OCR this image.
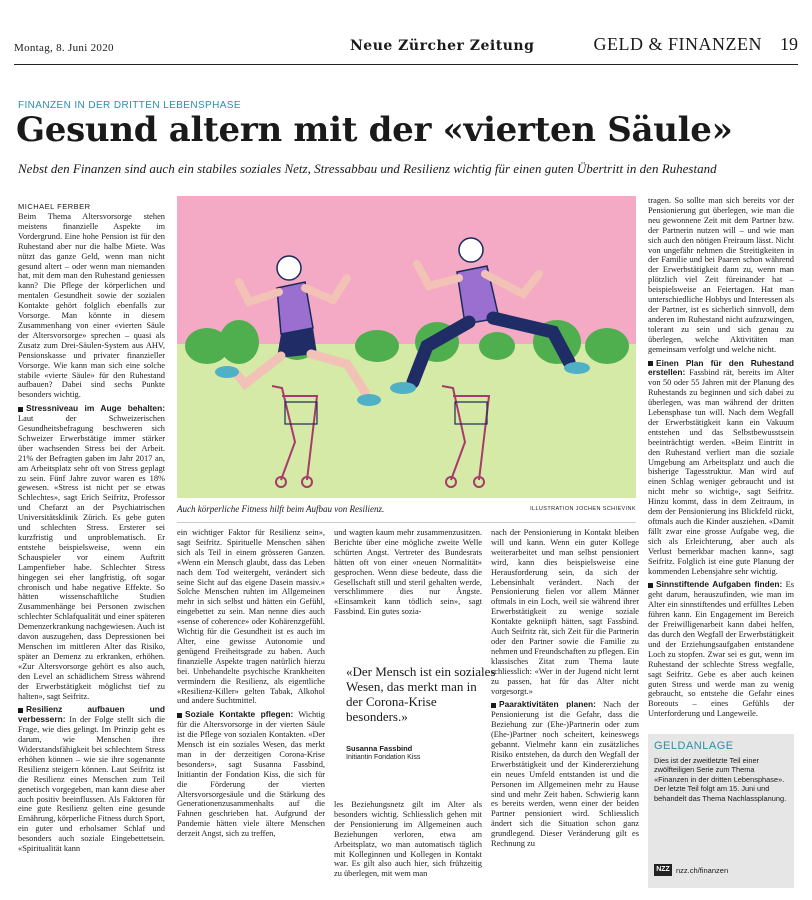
Montag, 8. Juni 2020	Neue Zürcher Zeitung	GELD & FINANZEN 19
FINANZEN IN DER DRITTEN LEBENSPHASE
Gesund altern mit der «vierten Säule»
Nebst den Finanzen sind auch ein stabiles soziales Netz, Stressabbau und Resilienz wichtig für einen guten Übertritt in den Ruhestand
MICHAEL FERBER

Beim Thema Altersvorsorge stehen meistens finanzielle Aspekte im Vordergrund. Eine hohe Pension ist für den Ruhestand aber nur die halbe Miete. Was nützt das ganze Geld, wenn man nicht gesund altert – oder wenn man niemanden hat, mit dem man den Ruhestand geniessen kann? Die Pflege der körperlichen und mentalen Gesundheit sowie der sozialen Kontakte gehört folglich ebenfalls zur Vorsorge. Man könnte in diesem Zusammenhang von einer «vierten Säule der Altersvorsorge» sprechen – quasi als Zusatz zum Drei-Säulen-System aus AHV, Pensionskasse und privater finanzieller Vorsorge. Wie kann man sich eine solche stabile «vierte Säule» für den Ruhestand aufbauen? Dabei sind sechs Punkte besonders wichtig.

Stressniveau im Auge behalten: Laut der Schweizerischen Gesundheitsbefragung beschweren sich Schweizer Erwerbstätige immer stärker über wachsenden Stress bei der Arbeit. 21% der Befragten gaben im Jahr 2017 an, am Arbeitsplatz sehr oft von Stress geplagt zu sein. Fünf Jahre zuvor waren es 18% gewesen. «Stress ist nicht per se etwas Schlechtes», sagt Erich Seifritz, Professor und Chefarzt an der Psychiatrischen Universitätsklinik Zürich. Es gebe guten und schlechten Stress. Ersterer sei kurzfristig und unproblematisch. Er entstehe beispielsweise, wenn ein Schauspieler vor einem Auftritt Lampenfieber habe. Schlechter Stress hingegen sei eher langfristig, oft sogar chronisch und habe negative Effekte. So hätten wissenschaftliche Studien Zusammenhänge bei Personen zwischen schlechter Schlafqualität und einer späteren Demenzerkrankung nachgewiesen. Auch ist davon auszugehen, dass Depressionen bei Menschen im mittleren Alter das Risiko, später an Demenz zu erkranken, erhöhen. «Zur Altersvorsorge gehört es also auch, den Level an schädlichem Stress während der Erwerbstätigkeit möglichst tief zu halten», sagt Seifritz.

Resilienz aufbauen und verbessern: In der Folge stellt sich die Frage, wie dies gelingt. Im Prinzip geht es darum, wie Menschen ihre Widerstandsfähigkeit bei schlechtem Stress erhöhen können – wie sie ihre sogenannte Resilienz steigern können. Laut Seifritz ist die Resilienz eines Menschen zum Teil genetisch vorgegeben, man kann diese aber auch positiv beeinflussen. Als Faktoren für eine gute Resilienz gelten eine gesunde Ernährung, körperliche Fitness durch Sport, ein guter und erholsamer Schlaf und besonders auch soziale Eingebettetsein. «Spiritualität kann

Auch körperliche Fitness hilft beim Aufbau von Resilienz.	ILLUSTRATION JOCHEN SCHIEVINK

ein wichtiger Faktor für Resilienz sein», sagt Seifritz. Spirituelle Menschen sähen sich als Teil in einem grösseren Ganzen. «Wenn ein Mensch glaubt, dass das Leben nach dem Tod weitergeht, verändert sich seine Sicht auf das eigene Dasein massiv.» Solche Menschen ruhten im Allgemeinen mehr in sich selbst und hätten ein Gefühl, eingebettet zu sein. Man nenne dies auch «sense of coherence» oder Kohärenzgefühl. Wichtig für die Gesundheit ist es auch im Alter, eine gewisse Autonomie und genügend Freiheitsgrade zu haben. Auch finanzielle Aspekte tragen natürlich hierzu bei. Unbehandelte psychische Krankheiten vermindern die Resilienz, als eigentliche «Resilienz-Killer» gelten Tabak, Alkohol und andere Suchtmittel.

Soziale Kontakte pflegen: Wichtig für die Altersvorsorge in der vierten Säule ist die Pflege von sozialen Kontakten. «Der Mensch ist ein soziales Wesen, das merkt man in der derzeitigen Corona-Krise besonders», sagt Susanna Fassbind, Initiantin der Fondation Kiss, die sich für die Förderung der vierten Altersvorsorgesäule und die Stärkung des Generationenzusammenhalts auf die Fahnen geschrieben hat. Aufgrund der Pandemie hätten viele ältere Menschen derzeit Angst, sich zu treffen,

und wagten kaum mehr zusammenzusitzen. Berichte über eine mögliche zweite Welle schürten Angst. Vertreter des Bundesrats hätten oft von einer «neuen Normalität» gesprochen. Wenn diese bedeute, dass die Gesellschaft still und steril gehalten werde, verschlimmere dies nur Ängste. «Einsamkeit kann tödlich sein», sagt Fassbind. Ein gutes sozia-

«Der Mensch ist ein soziales Wesen, das merkt man in der Corona-Krise besonders.»
Susanna Fassbind
Initiantin Fondation Kiss

les Beziehungsnetz gilt im Alter als besonders wichtig. Schliesslich gehen mit der Pensionierung im Allgemeinen auch Beziehungen verloren, etwa am Arbeitsplatz, wo man automatisch täglich mit Kolleginnen und Kollegen in Kontakt war. Es gilt also auch hier, sich frühzeitig zu überlegen, mit wem man

nach der Pensionierung in Kontakt bleiben will und kann. Wenn ein guter Kollege weiterarbeitet und man selbst pensioniert wird, kann dies beispielsweise eine Herausforderung sein, da sich der Lebensinhalt verändert. Nach der Pensionierung fielen vor allem Männer oftmals in ein Loch, weil sie während ihrer Erwerbstätigkeit zu wenige soziale Kontakte gekniipft hätten, sagt Fassbind. Auch Seifritz rät, sich Zeit für die Partnerin oder den Partner sowie die Familie zu nehmen und Freundschaften zu pflegen. Ein klassisches Zitat zum Thema laute schliesslich: «Wer in der Jugend nicht lernt zu passen, hat für das Alter nicht vorgesorgt.»

Paaraktivitäten planen: Nach der Pensionierung ist die Gefahr, dass die Beziehung zur (Ehe-)Partnerin oder zum (Ehe-)Partner noch scheitert, keineswegs gebannt. Vielmehr kann ein zusätzliches Risiko entstehen, da durch den Wegfall der Erwerbstätigkeit und der Kindererziehung ein neues Umfeld entstanden ist und die Personen im Allgemeinen mehr zu Hause sind und mehr Zeit haben. Schwierig kann es bereits werden, wenn einer der beiden Partner pensioniert wird. Schliesslich ändert sich die Situation schon ganz grundlegend. Dieser Veränderung gilt es Rechnung zu

tragen. So sollte man sich bereits vor der Pensionierung gut überlegen, wie man die neu gewonnene Zeit mit dem Partner bzw. der Partnerin nutzen will – und wie man sich auch den nötigen Freiraum lässt. Nicht von ungefähr nehmen die Streitigkeiten in der Familie und bei Paaren schon während der Erwerbstätigkeit dann zu, wenn man plötzlich viel Zeit füreinander hat – beispielsweise an Feiertagen. Hat man unterschiedliche Hobbys und Interessen als der Partner, ist es sicherlich sinnvoll, dem anderen im Ruhestand nicht aufzuzwingen, tolerant zu sein und sich genau zu überlegen, welche Aktivitäten man gemeinsam verfolgt und welche nicht.

Einen Plan für den Ruhestand erstellen: Fassbind rät, bereits im Alter von 50 oder 55 Jahren mit der Planung des Ruhestands zu beginnen und sich dabei zu überlegen, was man während der dritten Lebensphase tun will. Nach dem Wegfall der Erwerbstätigkeit kann ein Vakuum entstehen und das Selbstbewusstsein beeinträchtigt werden. «Beim Eintritt in den Ruhestand verliert man die soziale Umgebung am Arbeitsplatz und auch die bisherige Tagesstruktur. Man wird auf einen Schlag weniger gebraucht und ist nicht mehr so wichtig», sagt Seifritz. Hinzu kommt, dass in dem Zeitraum, in dem der Pensionierung ins Blickfeld rückt, oftmals auch die Kinder ausziehen. «Damit fällt zwar eine grosse Aufgabe weg, die sich als Erleichterung, aber auch als Verlust bemerkbar machen kann», sagt Seifritz. Folglich ist eine gute Planung der kommenden Lebensjahre sehr wichtig.

Sinnstiftende Aufgaben finden: Es geht darum, herauszufinden, wie man im Alter ein sinnstiftendes und erfülltes Leben führen kann. Ein Engagement im Bereich der Freiwilligenarbeit kann dabei helfen, das durch den Wegfall der Erwerbstätigkeit und der Erziehungsaufgaben entstandene Loch zu stopfen. Zwar sei es gut, wenn im Ruhestand der schlechte Stress wegfalle, sagt Seifritz. Gebe es aber auch keinen guten Stress und werde man zu wenig gebraucht, so entstehe die Gefahr eines Boreouts – eines Gefühls der Unterforderung und Langeweile.

GELDANLAGE
Dies ist der zweitletzte Teil einer zwölfteiligen Serie zum Thema «Finanzen in der dritten Lebensphase». Der letzte Teil folgt am 15. Juni und behandelt das Thema Nachlassplanung.
NZZ nzz.ch/finanzen
